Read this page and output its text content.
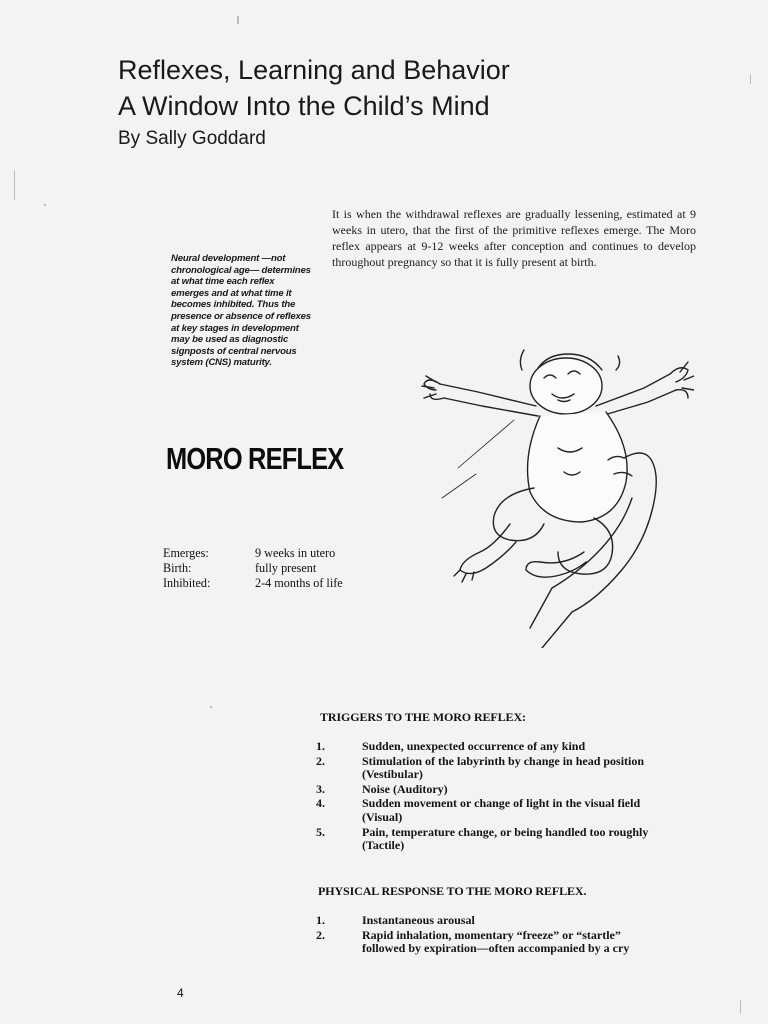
Reflexes, Learning and Behavior
A Window Into the Child’s Mind
By Sally Goddard

It is when the withdrawal reflexes are gradually lessening, estimated at 9 weeks in utero, that the first of the primitive reflexes emerge. The Moro reflex appears at 9-12 weeks after conception and continues to develop throughout pregnancy so that it is fully present at birth.

Neural development —not chronological age— determines at what time each reflex emerges and at what time it becomes inhibited. Thus the presence or absence of reflexes at key stages in development may be used as diagnostic signposts of central nervous system (CNS) maturity.

MORO REFLEX
Emerges:	9 weeks in utero
Birth:	fully present
Inhibited:	2-4 months of life
TRIGGERS TO THE MORO REFLEX:
1.	Sudden, unexpected occurrence of any kind
2.	Stimulation of the labyrinth by change in head position (Vestibular)
3.	Noise (Auditory)
4.	Sudden movement or change of light in the visual field (Visual)
5.	Pain, temperature change, or being handled too roughly (Tactile)
PHYSICAL RESPONSE TO THE MORO REFLEX.
1.	Instantaneous arousal
2.	Rapid inhalation, momentary “freeze” or “startle” followed by expiration—often accompanied by a cry
4
